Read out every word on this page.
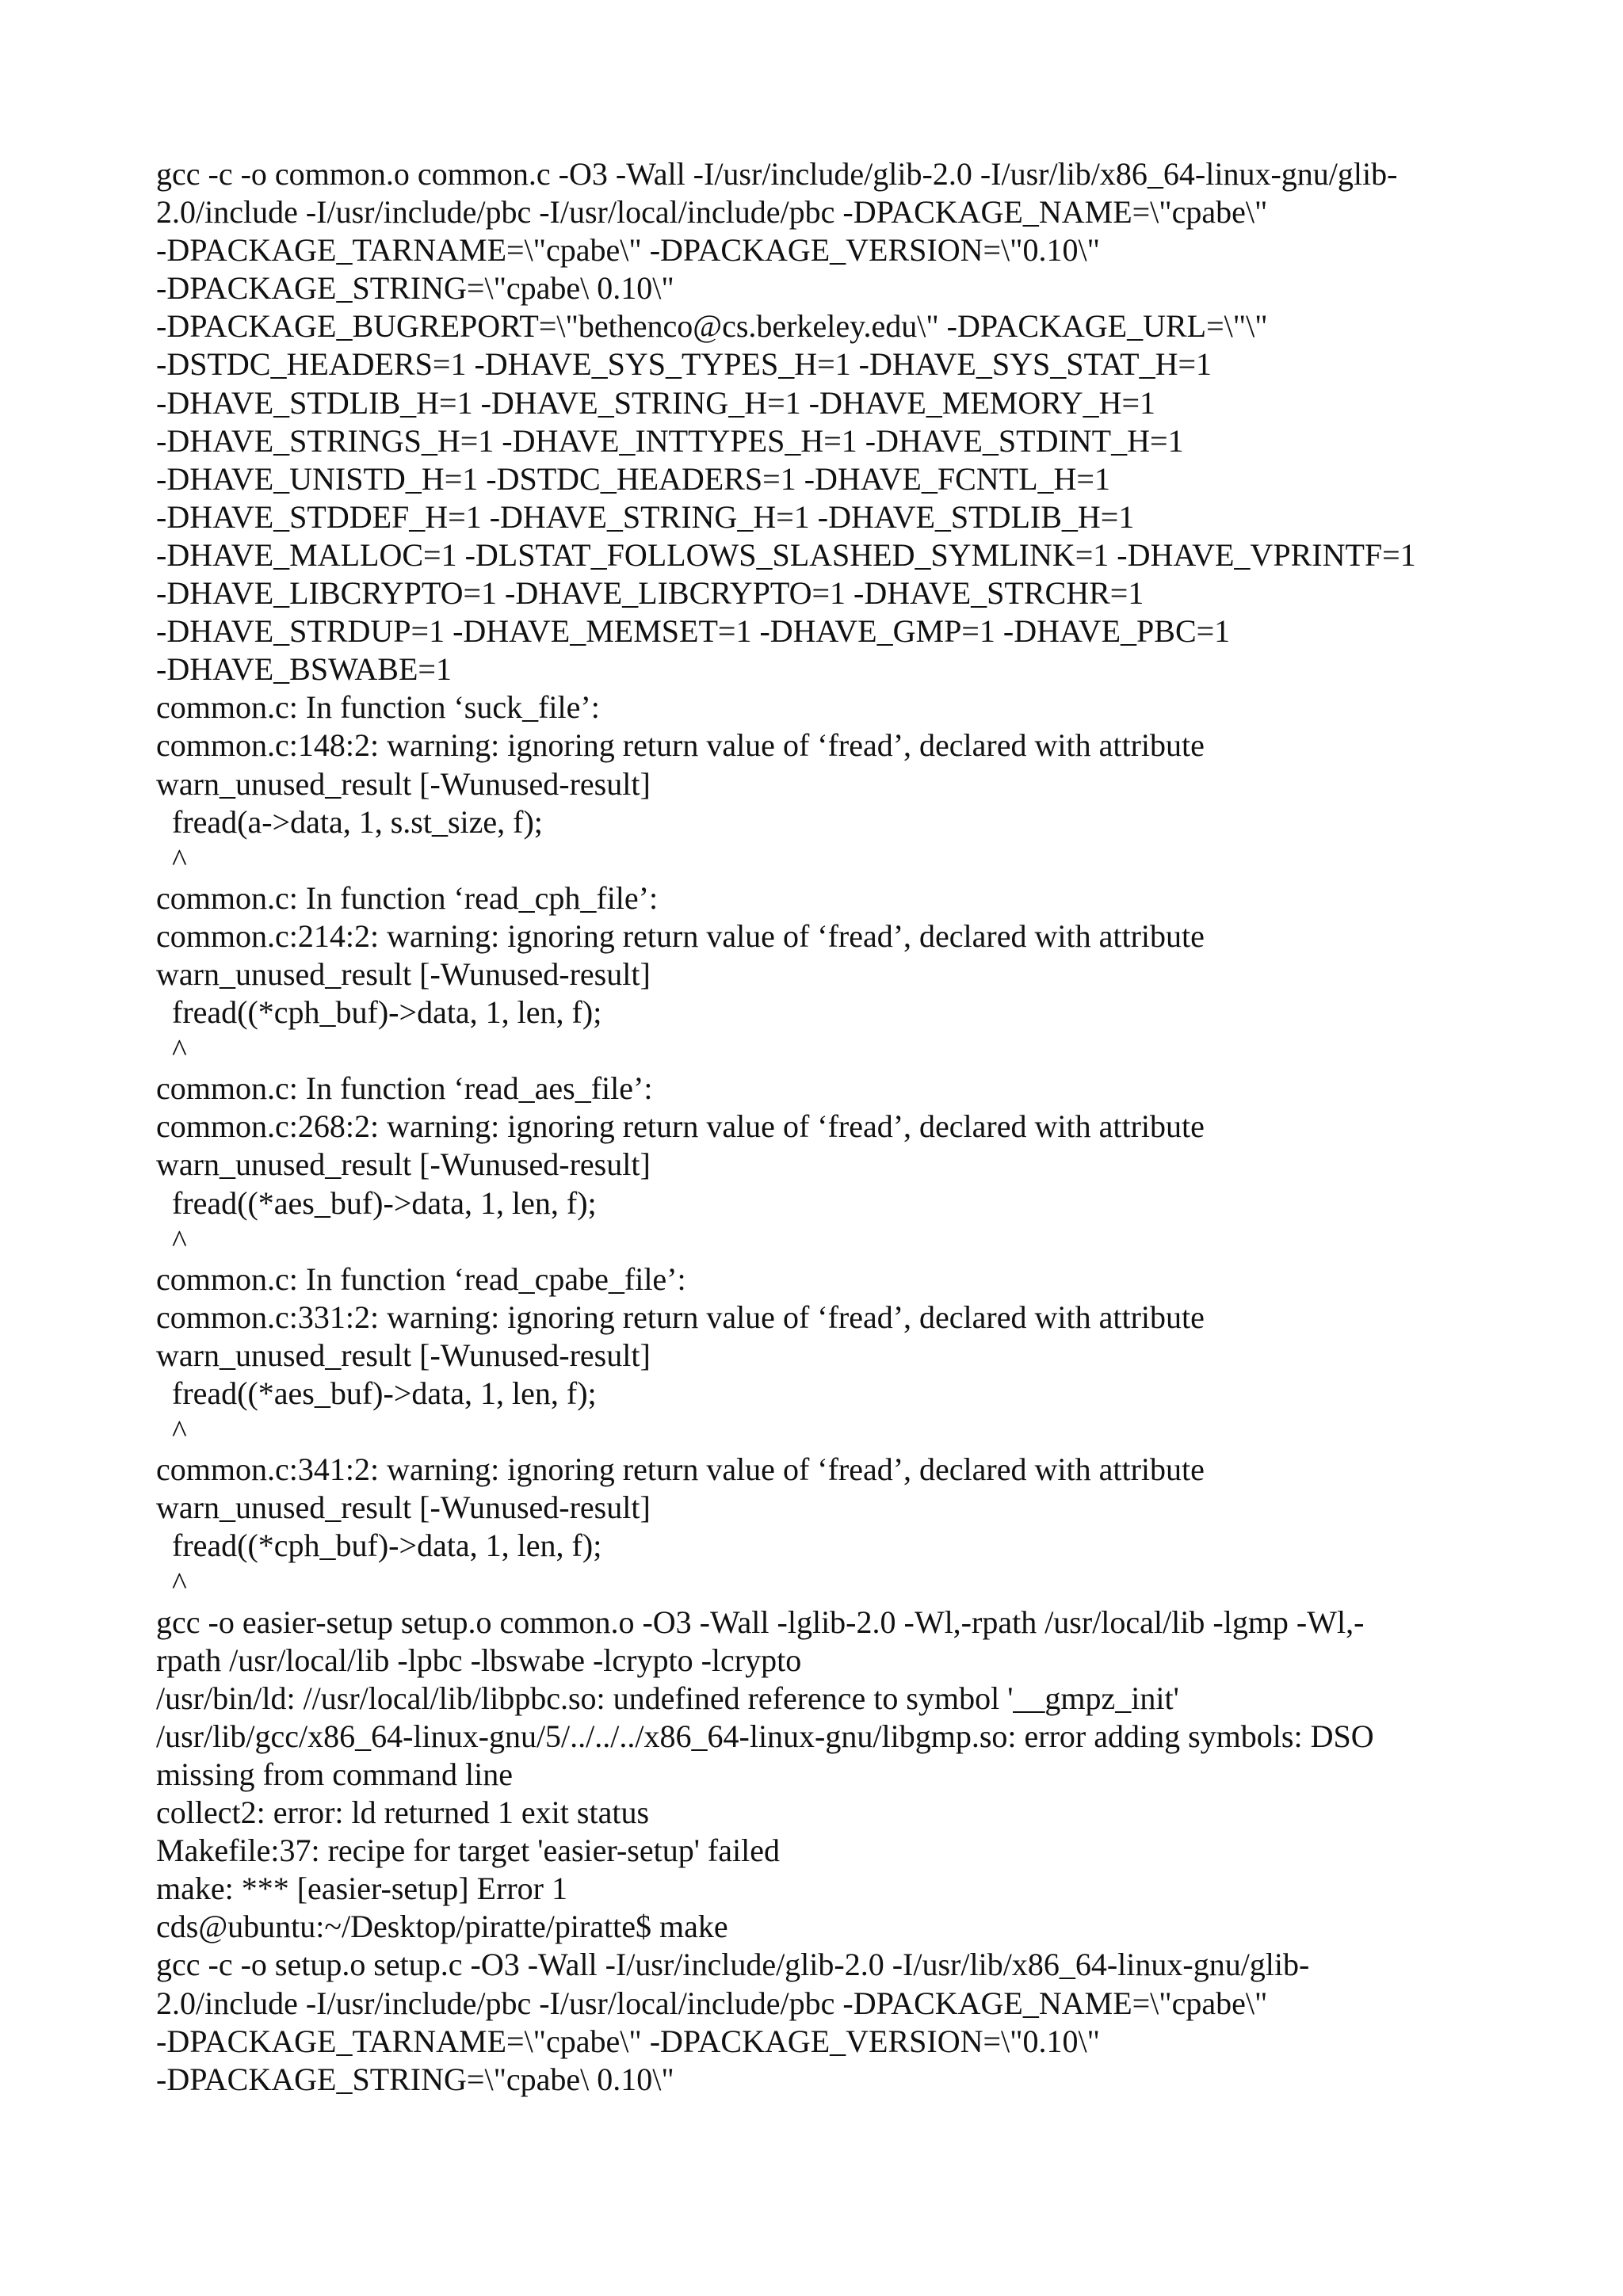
gcc -c -o common.o common.c -O3 -Wall -I/usr/include/glib-2.0 -I/usr/lib/x86_64-linux-gnu/glib-
2.0/include -I/usr/include/pbc -I/usr/local/include/pbc -DPACKAGE_NAME=\"cpabe\"
-DPACKAGE_TARNAME=\"cpabe\" -DPACKAGE_VERSION=\"0.10\"
-DPACKAGE_STRING=\"cpabe\ 0.10\"
-DPACKAGE_BUGREPORT=\"bethenco@cs.berkeley.edu\" -DPACKAGE_URL=\"\"
-DSTDC_HEADERS=1 -DHAVE_SYS_TYPES_H=1 -DHAVE_SYS_STAT_H=1
-DHAVE_STDLIB_H=1 -DHAVE_STRING_H=1 -DHAVE_MEMORY_H=1
-DHAVE_STRINGS_H=1 -DHAVE_INTTYPES_H=1 -DHAVE_STDINT_H=1
-DHAVE_UNISTD_H=1 -DSTDC_HEADERS=1 -DHAVE_FCNTL_H=1
-DHAVE_STDDEF_H=1 -DHAVE_STRING_H=1 -DHAVE_STDLIB_H=1
-DHAVE_MALLOC=1 -DLSTAT_FOLLOWS_SLASHED_SYMLINK=1 -DHAVE_VPRINTF=1
-DHAVE_LIBCRYPTO=1 -DHAVE_LIBCRYPTO=1 -DHAVE_STRCHR=1
-DHAVE_STRDUP=1 -DHAVE_MEMSET=1 -DHAVE_GMP=1 -DHAVE_PBC=1
-DHAVE_BSWABE=1
common.c: In function ‘suck_file’:
common.c:148:2: warning: ignoring return value of ‘fread’, declared with attribute
warn_unused_result [-Wunused-result]
fread(a->data, 1, s.st_size, f);
^
common.c: In function ‘read_cph_file’:
common.c:214:2: warning: ignoring return value of ‘fread’, declared with attribute
warn_unused_result [-Wunused-result]
fread((*cph_buf)->data, 1, len, f);
^
common.c: In function ‘read_aes_file’:
common.c:268:2: warning: ignoring return value of ‘fread’, declared with attribute
warn_unused_result [-Wunused-result]
fread((*aes_buf)->data, 1, len, f);
^
common.c: In function ‘read_cpabe_file’:
common.c:331:2: warning: ignoring return value of ‘fread’, declared with attribute
warn_unused_result [-Wunused-result]
fread((*aes_buf)->data, 1, len, f);
^
common.c:341:2: warning: ignoring return value of ‘fread’, declared with attribute
warn_unused_result [-Wunused-result]
fread((*cph_buf)->data, 1, len, f);
^
gcc -o easier-setup setup.o common.o -O3 -Wall -lglib-2.0 -Wl,-rpath /usr/local/lib -lgmp -Wl,-
rpath /usr/local/lib -lpbc -lbswabe -lcrypto -lcrypto
/usr/bin/ld: //usr/local/lib/libpbc.so: undefined reference to symbol '__gmpz_init'
/usr/lib/gcc/x86_64-linux-gnu/5/../../../x86_64-linux-gnu/libgmp.so: error adding symbols: DSO
missing from command line
collect2: error: ld returned 1 exit status
Makefile:37: recipe for target 'easier-setup' failed
make: *** [easier-setup] Error 1
cds@ubuntu:~/Desktop/piratte/piratte$ make
gcc -c -o setup.o setup.c -O3 -Wall -I/usr/include/glib-2.0 -I/usr/lib/x86_64-linux-gnu/glib-
2.0/include -I/usr/include/pbc -I/usr/local/include/pbc -DPACKAGE_NAME=\"cpabe\"
-DPACKAGE_TARNAME=\"cpabe\" -DPACKAGE_VERSION=\"0.10\"
-DPACKAGE_STRING=\"cpabe\ 0.10\"
